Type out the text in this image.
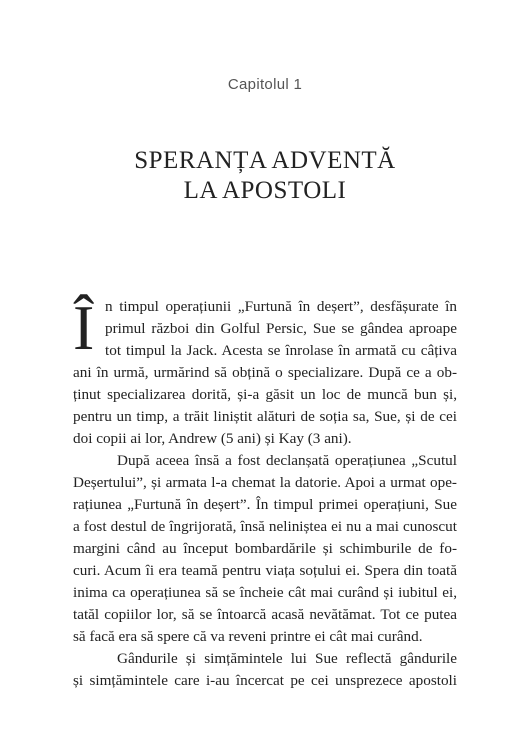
Capitolul 1
SPERANȚA ADVENTĂ
LA APOSTOLI
Î n timpul operațiunii „Furtună în deșert”, desfășurate în
primul război din Golful Persic, Sue se gândea aproape
tot timpul la Jack. Acesta se înrolase în armată cu câțiva
ani în urmă, urmărind să obțină o specializare. După ce a ob-
ținut specializarea dorită, și-a găsit un loc de muncă bun și,
pentru un timp, a trăit liniștit alături de soția sa, Sue, și de cei
doi copii ai lor, Andrew (5 ani) și Kay (3 ani).
După aceea însă a fost declanșată operațiunea „Scutul
Deșertului”, și armata l-a chemat la datorie. Apoi a urmat ope-
rațiunea „Furtună în deșert”. În timpul primei operațiuni, Sue
a fost destul de îngrijorată, însă neliniștea ei nu a mai cunoscut
margini când au început bombardările și schimburile de fo-
curi. Acum îi era teamă pentru viața soțului ei. Spera din toată
inima ca operațiunea să se încheie cât mai curând și iubitul ei,
tatăl copiilor lor, să se întoarcă acasă nevătămat. Tot ce putea
să facă era să spere că va reveni printre ei cât mai curând.
Gândurile și simțămintele lui Sue reflectă gândurile
și simțămintele care i-au încercat pe cei unsprezece apostoli
